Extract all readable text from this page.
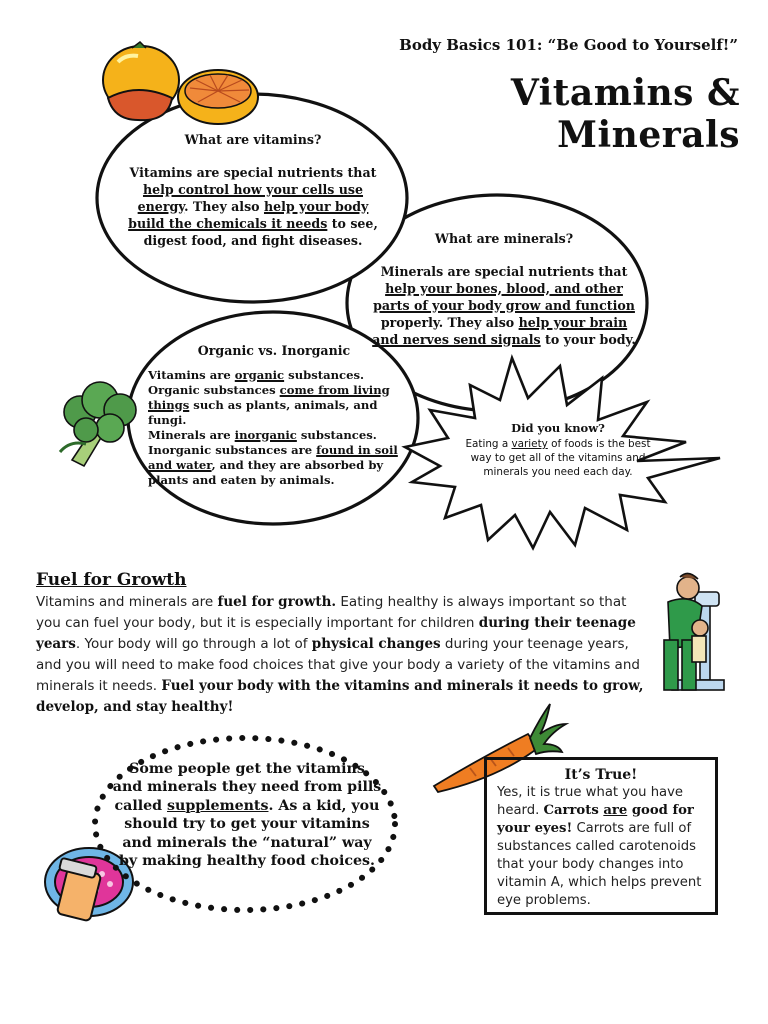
Body Basics 101: “Be Good to Yourself!”
Vitamins & Minerals
What are vitamins?
Vitamins are special nutrients that help control how your cells use energy. They also help your body build the chemicals it needs to see, digest food, and fight diseases.	What are minerals?
Minerals are special nutrients that help your bones, blood, and other parts of your body grow and function properly. They also help your brain and nerves send signals to your body.
Organic vs. Inorganic
Vitamins are organic substances.
Organic substances come from living things such as plants, animals, and fungi.
Minerals are inorganic substances.
Inorganic substances are found in soil and water, and they are absorbed by plants and eaten by animals.
Did you know?
Eating a variety of foods is the best way to get all of the vitamins and minerals you need each day.
Fuel for Growth
Vitamins and minerals are fuel for growth. Eating healthy is always important so that you can fuel your body, but it is especially important for children during their teenage years. Your body will go through a lot of physical changes during your teenage years, and you will need to make food choices that give your body a variety of the vitamins and minerals it needs. Fuel your body with the vitamins and minerals it needs to grow, develop, and stay healthy!
Some people get the vitamins and minerals they need from pills called supplements. As a kid, you should try to get your vitamins and minerals the “natural” way by making healthy food choices.
It’s True!
Yes, it is true what you have heard. Carrots are good for your eyes! Carrots are full of substances called carotenoids that your body changes into vitamin A, which helps prevent eye problems.
